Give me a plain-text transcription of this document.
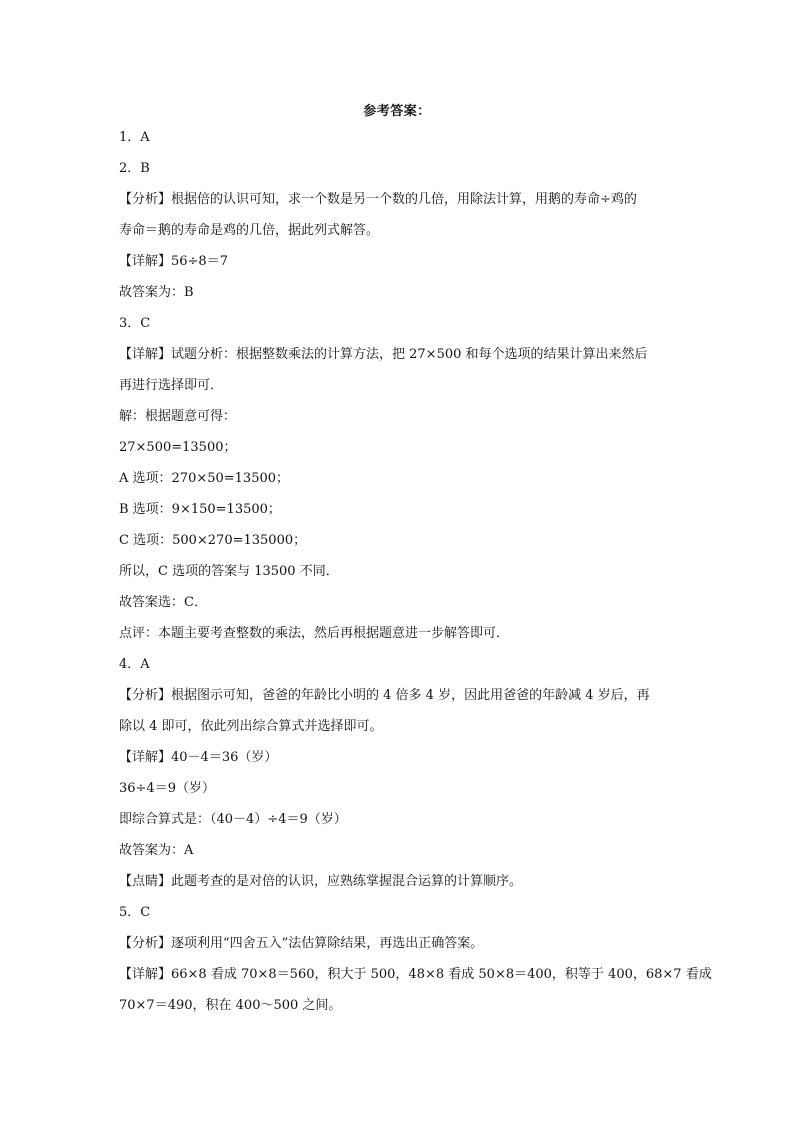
参考答案：
1．A
2．B
【分析】根据倍的认识可知，求一个数是另一个数的几倍，用除法计算，用鹅的寿命÷鸡的
寿命＝鹅的寿命是鸡的几倍，据此列式解答。
【详解】56÷8＝7
故答案为：B
3．C
【详解】试题分析：根据整数乘法的计算方法，把 27×500 和每个选项的结果计算出来然后
再进行选择即可．
解：根据题意可得：
27×500=13500；
A 选项：270×50=13500；
B 选项：9×150=13500；
C 选项：500×270=135000；
所以，C 选项的答案与 13500 不同．
故答案选：C．
点评：本题主要考查整数的乘法，然后再根据题意进一步解答即可．
4．A
【分析】根据图示可知，爸爸的年龄比小明的 4 倍多 4 岁，因此用爸爸的年龄减 4 岁后，再
除以 4 即可，依此列出综合算式并选择即可。
【详解】40－4＝36（岁）
36÷4＝9（岁）
即综合算式是：（40－4）÷4＝9（岁）
故答案为：A
【点睛】此题考查的是对倍的认识，应熟练掌握混合运算的计算顺序。
5．C
【分析】逐项利用“四舍五入”法估算除结果，再选出正确答案。
【详解】66×8 看成 70×8＝560，积大于 500，48×8 看成 50×8＝400，积等于 400，68×7 看成
70×7＝490，积在 400～500 之间。
